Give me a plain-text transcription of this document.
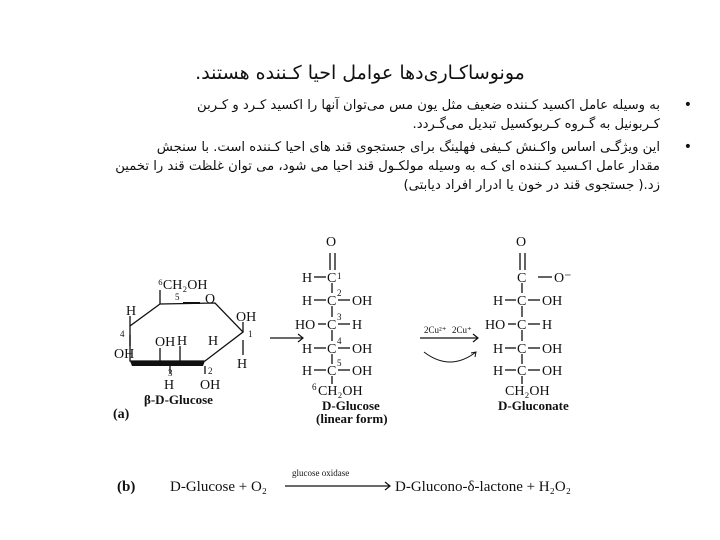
مونوساکـاری‌دها عوامل احیا کـننده هستند.
•
به وسیله عامل اکسید کـننده ضعیف مثل یون مس می‌توان آنها را اکسید کـرد و کـربن
کـربونیل به گـروه کـربوکسیل تبدیل می‌گـردد.
•
این ویژگـی اساس واکـنش کـیفی فهلینگ برای جستجوی قند های احیا کـننده است. با سنجش
مقدار عامل اکـسید کـننده ای کـه به وسیله مولکـول قند احیا می شود، می توان غلظت قند را تخمین
زد.( جستجوی قند در خون یا ادرار افراد دیابتی)
⁶CH₂OH
O
5
OH
1
H
H
4
OH
OH H H
H OH
3	2
β-D-Glucose
O
H C 1
H C OH
2
HO C H
3
H C OH
4
H C OH
5
CH₂OH
6
D-Glucose
(linear form)
2Cu²⁺ 2Cu⁺
O
C O⁻
H C OH
HO C H
H C OH
H C OH
CH₂OH
D-Gluconate
(a)
(b) D-Glucose + O₂
glucose oxidase
D-Glucono-δ-lactone + H₂O₂
